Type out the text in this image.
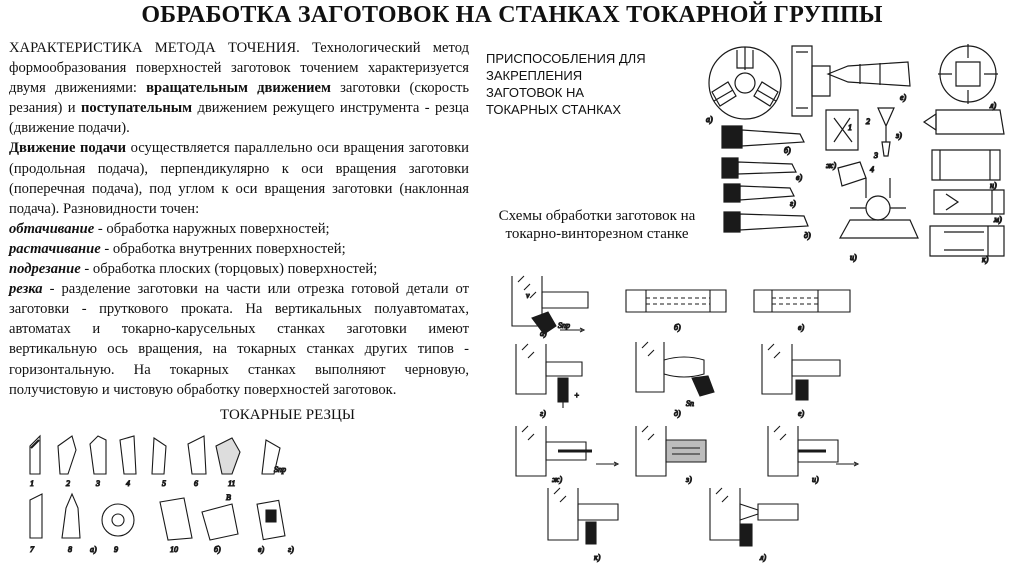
ОБРАБОТКА ЗАГОТОВОК НА СТАНКАХ ТОКАРНОЙ ГРУППЫ
ХАРАКТЕРИСТИКА МЕТОДА ТОЧЕНИЯ. Технологический метод формообразования поверхностей заготовок точением характеризуется двумя движениями: вращательным движением заготовки (скорость резания) и поступательным движением режущего инструмента - резца (движение подачи).
Движение подачи осуществляется параллельно оси вращения заготовки (продольная подача), перпендикулярно к оси вращения заготовки (поперечная подача), под углом к оси вращения заготовки (наклонная подача). Разновидности точен:
обтачивание - обработка наружных поверхностей;
растачивание - обработка внутренних поверхностей;
подрезание - обработка плоских (торцовых) поверхностей;
резка - разделение заготовки на части или отрезка готовой детали от заготовки - пруткового проката. На вертикальных полуавтоматах, автоматах и токарно-карусельных станках заготовки имеют вертикальную ось вращения, на токарных станках других типов - горизонтальную. На токарных станках выполняют черновую, получистовую и чистовую обработку поверхностей заготовок.
ПРИСПОСОБЛЕНИЯ ДЛЯ ЗАКРЕПЛЕНИЯ ЗАГОТОВОК НА ТОКАРНЫХ СТАНКАХ
Схемы обработки заготовок на токарно-винторезном станке
ТОКАРНЫЕ РЕЗЦЫ
а)
б)
в)
г)
д)
е)
ж)
з)
и)	к)
л)
м)
н)
1
2
3
4
а)
б)	в)
г)	д)	е)
ж)	з)	и)
к)	л)
v
Sпр
Sп
+
1	2	3	4	5	6
7	8	9	10
11
а)	б)	в)	г)
Sпр
B
